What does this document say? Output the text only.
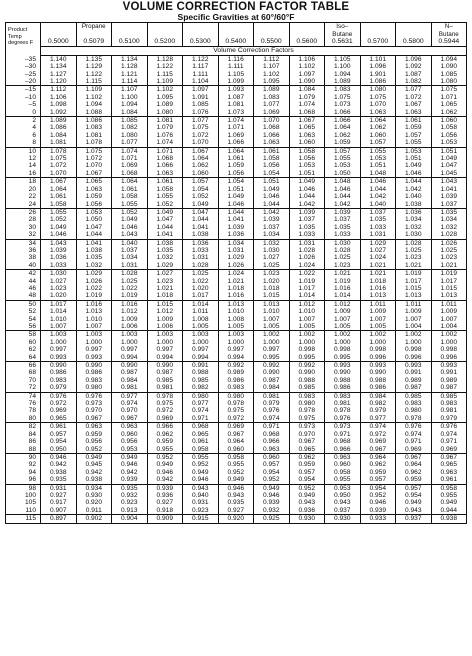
VOLUME CORRECTION FACTOR TABLE
Specific Gravities at 60°/60°F
Product
Temp
degrees F		Propane							Iso–			N–
									Butane			Butane
	0.5000	0.5079	0.5100	0.5200	0.5300	0.5400	0.5500	0.5600	0.5631	0.5700	0.5800	0.5944
	Volume Correction Factors											
–35	1.140	1.135	1.134	1.128	1.122	1.116	1.112	1.106	1.105	1.101	1.096	1.094
–30	1.134	1.129	1.128	1.122	1.117	1.111	1.107	1.102	1.100	1.096	1.092	1.090
–25	1.127	1.122	1.121	1.115	1.111	1.105	1.102	1.097	1.094	1.901	1.087	1.085
–20	1.120	1.115	1.114	1.109	1.104	1.099	1.095	1.090	1.089	1.086	1.082	1.080
–15	1.112	1.109	1.107	1.102	1.097	1.093	1.089	1.084	1.083	1.080	1.077	1.075
–10	1.106	1.102	1.100	1.095	1.091	1.087	1.083	1.079	1.075	1.075	1.072	1.071
–5	1.098	1.094	1.094	1.089	1.085	1.081	1.077	1.074	1.073	1.070	1.067	1.065
0	1.092	1.088	1.084	1.080	1.076	1.073	1.069	1.068	1.066	1.063	1.063	1.062
2	1.089	1.086	1.085	1.081	1.077	1.074	1.070	1.067	1.066	1.064	1.061	1.060
4	1.086	1.083	1.082	1.079	1.075	1.071	1.068	1.065	1.064	1.062	1.059	1.058
6	1.084	1.081	1.080	1.076	1.072	1.069	1.066	1.063	1.062	1.060	1.057	1.056
8	1.081	1.078	1.077	1.074	1.070	1.066	1.063	1.060	1.059	1.057	1.055	1.053
10	1.078	1.075	1.074	1.071	1.067	1.064	1.061	1.058	1.057	1.055	1.053	1.051
12	1.075	1.072	1.071	1.068	1.064	1.061	1.058	1.056	1.055	1.053	1.051	1.049
14	1.072	1.070	1.069	1.066	1.062	1.059	1.056	1.053	1.053	1.051	1.049	1.047
16	1.070	1.067	1.068	1.063	1.060	1.056	1.054	1.051	1.050	1.048	1.046	1.045
18	1.067	1.065	1.064	1.061	1.057	1.054	1.051	1.049	1.048	1.046	1.044	1.043
20	1.064	1.063	1.061	1.058	1.054	1.051	1.049	1.046	1.046	1.044	1.042	1.041
22	1.061	1.059	1.058	1.055	1.052	1.049	1.046	1.044	1.044	1.042	1.040	1.039
24	1.058	1.056	1.055	1.052	1.049	1.046	1.044	1.042	1.042	1.040	1.038	1.037
26	1.055	1.053	1.052	1.049	1.047	1.044	1.042	1.039	1.039	1.037	1.036	1.035
28	1.052	1.050	1.049	1.047	1.044	1.041	1.039	1.037	1.037	1.035	1.034	1.034
30	1.049	1.047	1.046	1.044	1.041	1.039	1.037	1.035	1.035	1.033	1.032	1.032
32	1.046	1.044	1.043	1.041	1.038	1.036	1.034	1.033	1.033	1.031	1.030	1.028
34	1.043	1.041	1.040	1.038	1.036	1.034	1.032	1.031	1.030	1.029	1.028	1.026
36	1.039	1.038	1.037	1.035	1.033	1.031	1.030	1.028	1.028	1.027	1.025	1.025
38	1.036	1.035	1.034	1.032	1.031	1.029	1.027	1.026	1.025	1.024	1.023	1.023
40	1.033	1.032	1.031	1.029	1.028	1.026	1.025	1.024	1.023	1.021	1.021	1.021
42	1.030	1.029	1.028	1.027	1.025	1.024	1.023	1.022	1.021	1.021	1.019	1.019
44	1.027	1.026	1.025	1.023	1.022	1.021	1.020	1.019	1.019	1.018	1.017	1.017
46	1.023	1.022	1.022	1.021	1.020	1.018	1.018	1.017	1.016	1.016	1.015	1.015
48	1.020	1.019	1.019	1.018	1.017	1.016	1.015	1.014	1.014	1.013	1.013	1.013
50	1.017	1.016	1.016	1.015	1.014	1.013	1.013	1.012	1.012	1.011	1.011	1.011
52	1.014	1.013	1.012	1.012	1.011	1.010	1.010	1.010	1.009	1.009	1.009	1.009
54	1.010	1.010	1.009	1.009	1.008	1.008	1.007	1.007	1.007	1.007	1.007	1.007
56	1.007	1.007	1.006	1.006	1.005	1.005	1.005	1.005	1.005	1.005	1.004	1.004
58	1.003	1.003	1.003	1.003	1.003	1.003	1.002	1.002	1.002	1.002	1.002	1.002
60	1.000	1.000	1.000	1.000	1.000	1.000	1.000	1.000	1.000	1.000	1.000	1.000
62	0.997	0.997	0.997	0.997	0.997	0.997	0.997	0.998	0.998	0.998	0.998	0.998
64	0.993	0.993	0.994	0.994	0.994	0.994	0.995	0.995	0.995	0.996	0.996	0.996
66	0.990	0.990	0.990	0.990	0.991	0.992	0.992	0.992	0.993	0.993	0.993	0.993
68	0.986	0.986	0.987	0.987	0.988	0.989	0.990	0.990	0.990	0.990	0.991	0.991
70	0.983	0.983	0.984	0.985	0.985	0.986	0.987	0.988	0.988	0.988	0.989	0.989
72	0.979	0.980	0.981	0.981	0.982	0.983	0.984	0.985	0.986	0.986	0.987	0.987
74	0.976	0.976	0.977	0.978	0.980	0.980	0.981	0.983	0.983	0.984	0.985	0.985
76	0.972	0.973	0.974	0.975	0.977	0.978	0.979	0.980	0.981	0.982	0.983	0.983
78	0.969	0.970	0.970	0.972	0.974	0.975	0.976	0.978	0.978	0.979	0.980	0.981
80	0.965	0.967	0.967	0.969	0.971	0.972	0.974	0.975	0.976	0.977	0.978	0.979
82	0.961	0.963	0.963	0.966	0.968	0.969	0.971	0.973	0.973	0.974	0.976	0.976
84	0.957	0.959	0.960	0.962	0.965	0.967	0.968	0.970	0.971	0.972	0.974	0.974
86	0.954	0.956	0.956	0.959	0.961	0.964	0.966	0.967	0.968	0.969	0.971	0.971
88	0.950	0.952	0.953	0.955	0.958	0.960	0.963	0.965	0.966	0.967	0.969	0.969
90	0.946	0.949	0.949	0.952	0.955	0.958	0.960	0.962	0.963	0.964	0.967	0.967
92	0.942	0.945	0.946	0.949	0.952	0.955	0.957	0.959	0.960	0.962	0.964	0.965
94	0.938	0.942	0.942	0.946	0.949	0.952	0.954	0.957	0.958	0.959	0.962	0.963
96	0.935	0.938	0.939	0.942	0.946	0.949	0.952	0.954	0.955	0.957	0.959	0.961
98	0.931	0.934	0.935	0.939	0.943	0.946	0.949	0.952	0.953	0.954	0.957	0.958
100	0.927	0.930	0.932	0.936	0.940	0.943	0.946	0.949	0.950	0.952	0.954	0.955
105	0.917	0.920	0.923	0.927	0.931	0.935	0.939	0.943	0.943	0.946	0.949	0.949
110	0.907	0.911	0.913	0.918	0.923	0.927	0.932	0.936	0.937	0.939	0.943	0.944
115	0.897	0.902	0.904	0.909	0.915	0.920	0.925	0.930	0.930	0.933	0.937	0.938
